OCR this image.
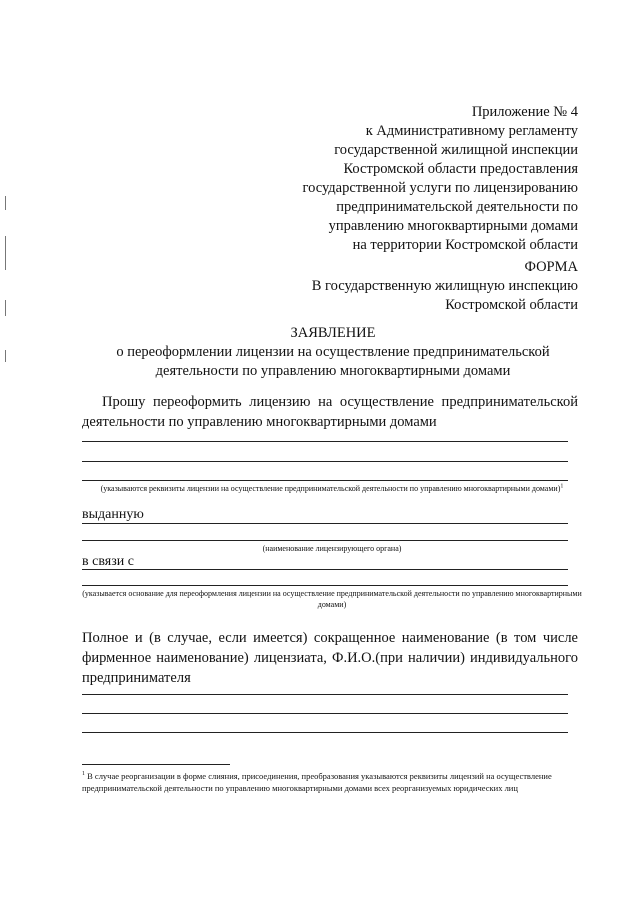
Приложение № 4
к Административному регламенту
государственной жилищной инспекции
Костромской области предоставления
государственной услуги по лицензированию
предпринимательской деятельности по
управлению многоквартирными домами
на территории Костромской области
ФОРМА
В государственную жилищную инспекцию
Костромской области
ЗАЯВЛЕНИЕ
о переоформлении лицензии на осуществление предпринимательской
деятельности по управлению многоквартирными домами
Прошу переоформить лицензию на осуществление предпринимательской деятельности по управлению многоквартирными домами
(указываются реквизиты лицензии на осуществление предпринимательской деятельности по управлению многоквартирными домами)$^1$
выданную
(наименование лицензирующего органа)
в связи с
(указывается основание для переоформления лицензии на осуществление предпринимательской деятельности по управлению многоквартирными домами)
Полное и (в случае, если имеется) сокращенное наименование (в том числе фирменное наименование) лицензиата, Ф.И.О.(при наличии) индивидуального предпринимателя
$^1$ В случае реорганизации в форме слияния, присоединения, преобразования указываются реквизиты лицензий на осуществление предпринимательской деятельности по управлению многоквартирными домами всех реорганизуемых юридических лиц
